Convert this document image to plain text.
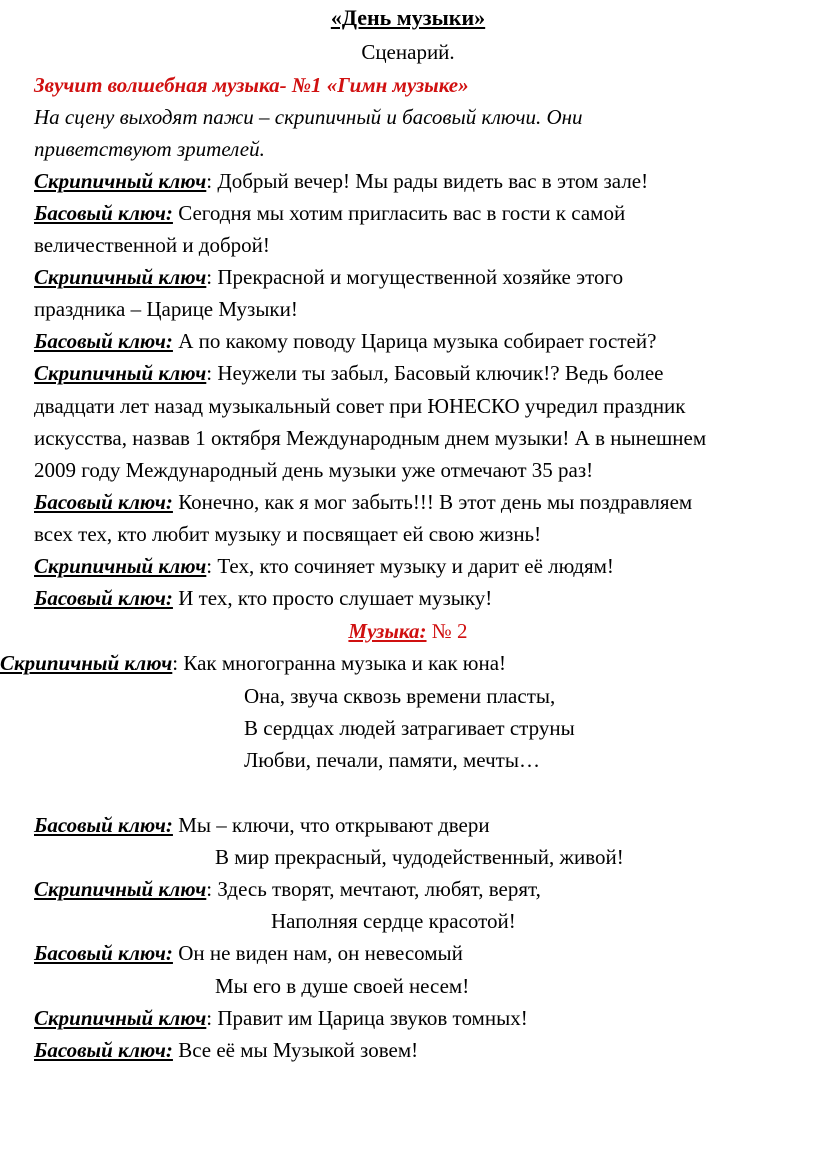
«День музыки»
Сценарий.
Звучит волшебная музыка- №1 «Гимн музыке»
На сцену выходят пажи – скрипичный и басовый ключи. Они
приветствуют зрителей.
Скрипичный ключ: Добрый вечер! Мы рады видеть вас в этом зале!
Басовый ключ: Сегодня мы хотим пригласить вас в гости к самой
величественной и доброй!
Скрипичный ключ: Прекрасной и могущественной хозяйке этого
праздника – Царице Музыки!
Басовый ключ: А по какому поводу Царица музыка собирает гостей?
Скрипичный ключ: Неужели ты забыл, Басовый ключик!? Ведь более
двадцати лет назад музыкальный совет при ЮНЕСКО учредил праздник
искусства, назвав 1 октября Международным днем музыки! А в нынешнем
2009 году Международный день музыки уже отмечают 35 раз!
Басовый ключ: Конечно, как я мог забыть!!! В этот день мы поздравляем
всех тех, кто любит музыку и посвящает ей свою жизнь!
Скрипичный ключ: Тех, кто сочиняет музыку и дарит её людям!
Басовый ключ: И тех, кто просто слушает музыку!
Музыка: № 2
Скрипичный ключ: Как многогранна музыка и как юна!
Она, звуча сквозь времени пласты,
В сердцах людей затрагивает струны
Любви, печали, памяти, мечты…
Басовый ключ: Мы – ключи, что открывают двери
В мир прекрасный, чудодейственный, живой!
Скрипичный ключ: Здесь творят, мечтают, любят, верят,
Наполняя сердце красотой!
Басовый ключ: Он не виден нам, он невесомый
Мы его в душе своей несем!
Скрипичный ключ: Правит им Царица звуков томных!
Басовый ключ: Все её мы Музыкой зовем!
